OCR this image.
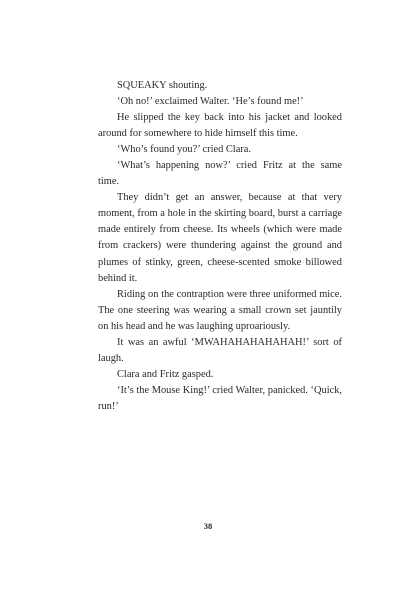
SQUEAKY shouting.

‘Oh no!’ exclaimed Walter. ‘He’s found me!’

He slipped the key back into his jacket and looked around for somewhere to hide himself this time.

‘Who’s found you?’ cried Clara.

‘What’s happening now?’ cried Fritz at the same time.

They didn’t get an answer, because at that very moment, from a hole in the skirting board, burst a carriage made entirely from cheese. Its wheels (which were made from crackers) were thundering against the ground and plumes of stinky, green, cheese-scented smoke billowed behind it.

Riding on the contraption were three uniformed mice. The one steering was wearing a small crown set jauntily on his head and he was laughing uproariously.

It was an awful ‘MWAHAHAHAHAHAH!’ sort of laugh.

Clara and Fritz gasped.

‘It’s the Mouse King!’ cried Walter, panicked. ‘Quick, run!’

38
